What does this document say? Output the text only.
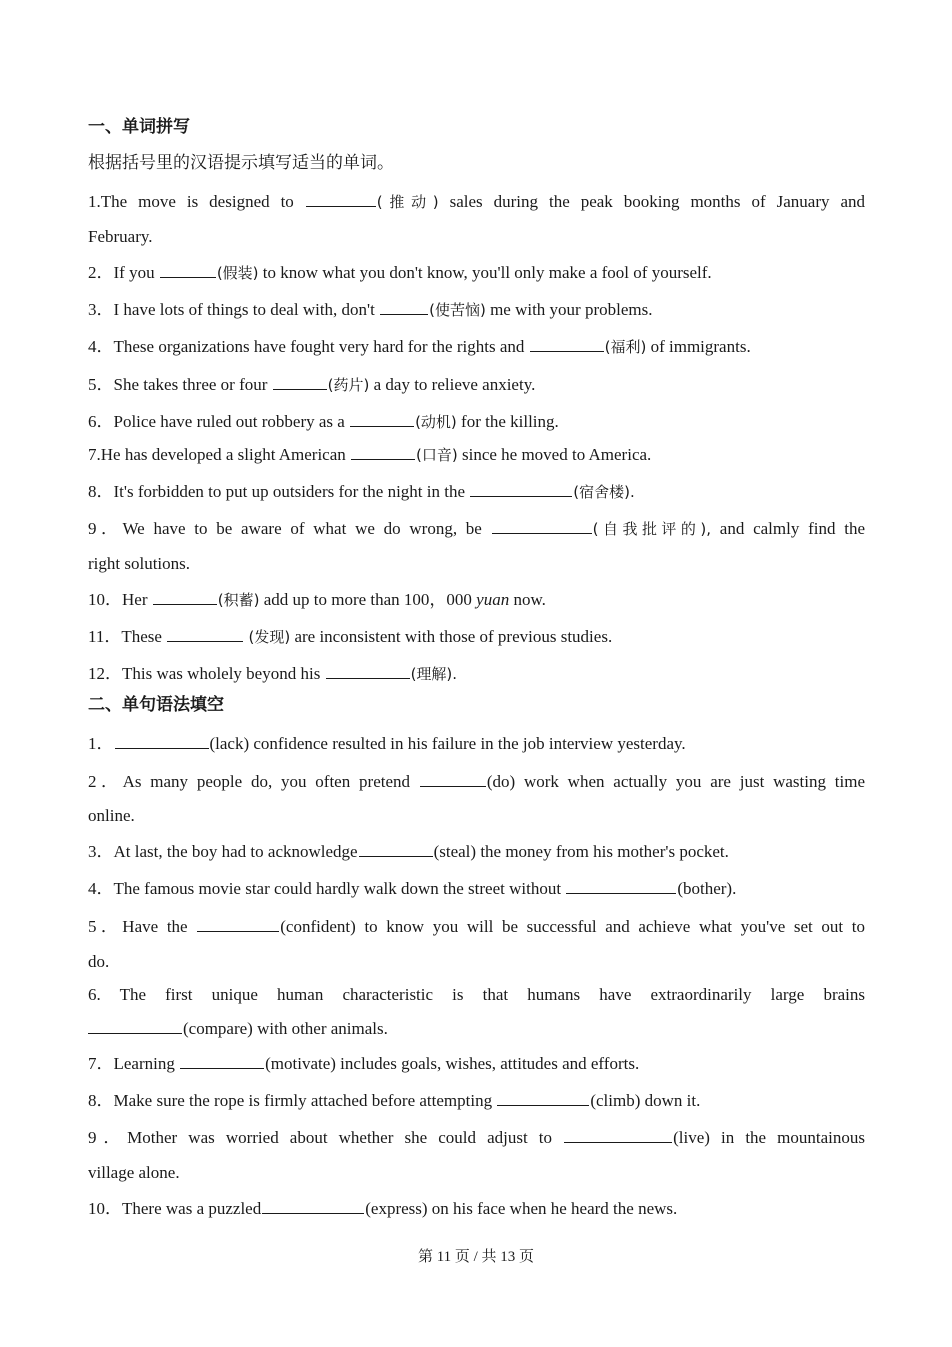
一、单词拼写
根据括号里的汉语提示填写适当的单词。
1.The move is designed to	(推动) sales during the peak booking months of January and
February.
2．If you	(假装) to know what you don't know, you'll only make a fool of yourself.
3．I have lots of things to deal with, don't	(使苦恼) me with your problems.
4．These organizations have fought very hard for the rights and	(福利) of immigrants.
5．She takes three or four	(药片) a day to relieve anxiety.
6．Police have ruled out robbery as a	(动机) for the killing.
7.He has developed a slight American	(口音) since he moved to America.
8．It's forbidden to put up outsiders for the night in the	(宿舍楼).
9．We have to be aware of what we do wrong, be	(自我批评的), and calmly find the
right solutions.
10．Her	(积蓄) add up to more than 100，000 yuan now.
11．These	(发现) are inconsistent with those of previous studies.
12．This was wholely beyond his	(理解).
二、单句语法填空
1．	(lack) confidence resulted in his failure in the job interview yesterday.
2．As many people do, you often pretend	(do) work when actually you are just wasting time
online.
3．At last, the boy had to acknowledge	(steal) the money from his mother's pocket.
4．The famous movie star could hardly walk down the street without	(bother).
5．Have the	(confident) to know you will be successful and achieve what you've set out to
do.
6. The first unique human characteristic is that humans have extraordinarily large brains
(compare) with other animals.
7．Learning	(motivate) includes goals, wishes, attitudes and efforts.
8．Make sure the rope is firmly attached before attempting	(climb) down it.
9．Mother was worried about whether she could adjust to	(live) in the mountainous
village alone.
10．There was a puzzled	(express) on his face when he heard the news.
第 11 页 / 共 13 页
